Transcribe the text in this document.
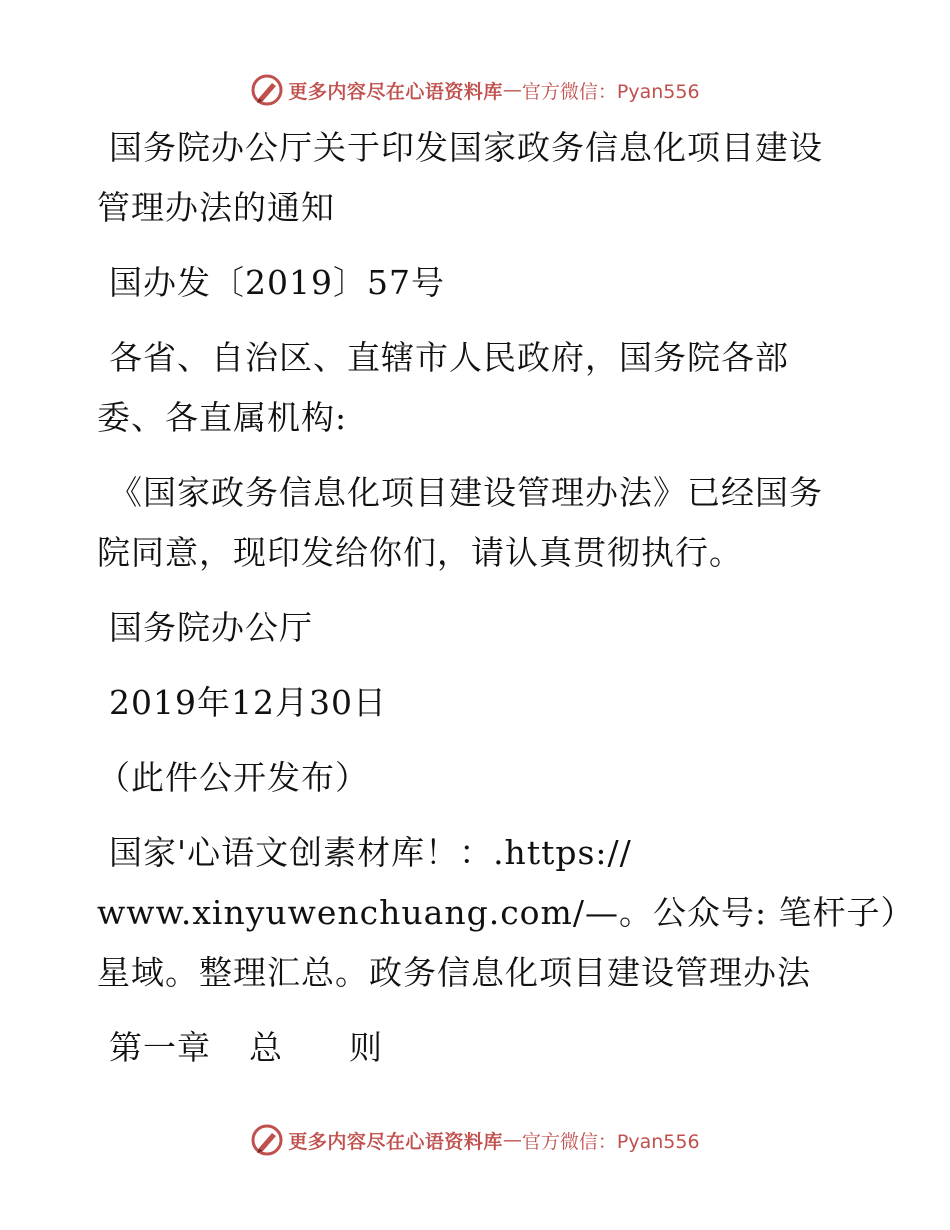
更多内容尽在心语资料库 — 官方微信：Pyan556

国务院办公厅关于印发国家政务信息化项目建设

管理办法的通知

国办发〔2019〕57号

各省、自治区、直辖市人民政府，国务院各部

委、各直属机构:

《国家政务信息化项目建设管理办法》已经国务

院同意，现印发给你们，请认真贯彻执行。

国务院办公厅

2019年12月30日

（此件公开发布）

国家'心语文创素材库！：.https://

www.xinyuwenchuang.com/—。公众号: 笔杆子）

星域。整理汇总。政务信息化项目建设管理办法

第一章 总 则

更多内容尽在心语资料库 — 官方微信：Pyan556
